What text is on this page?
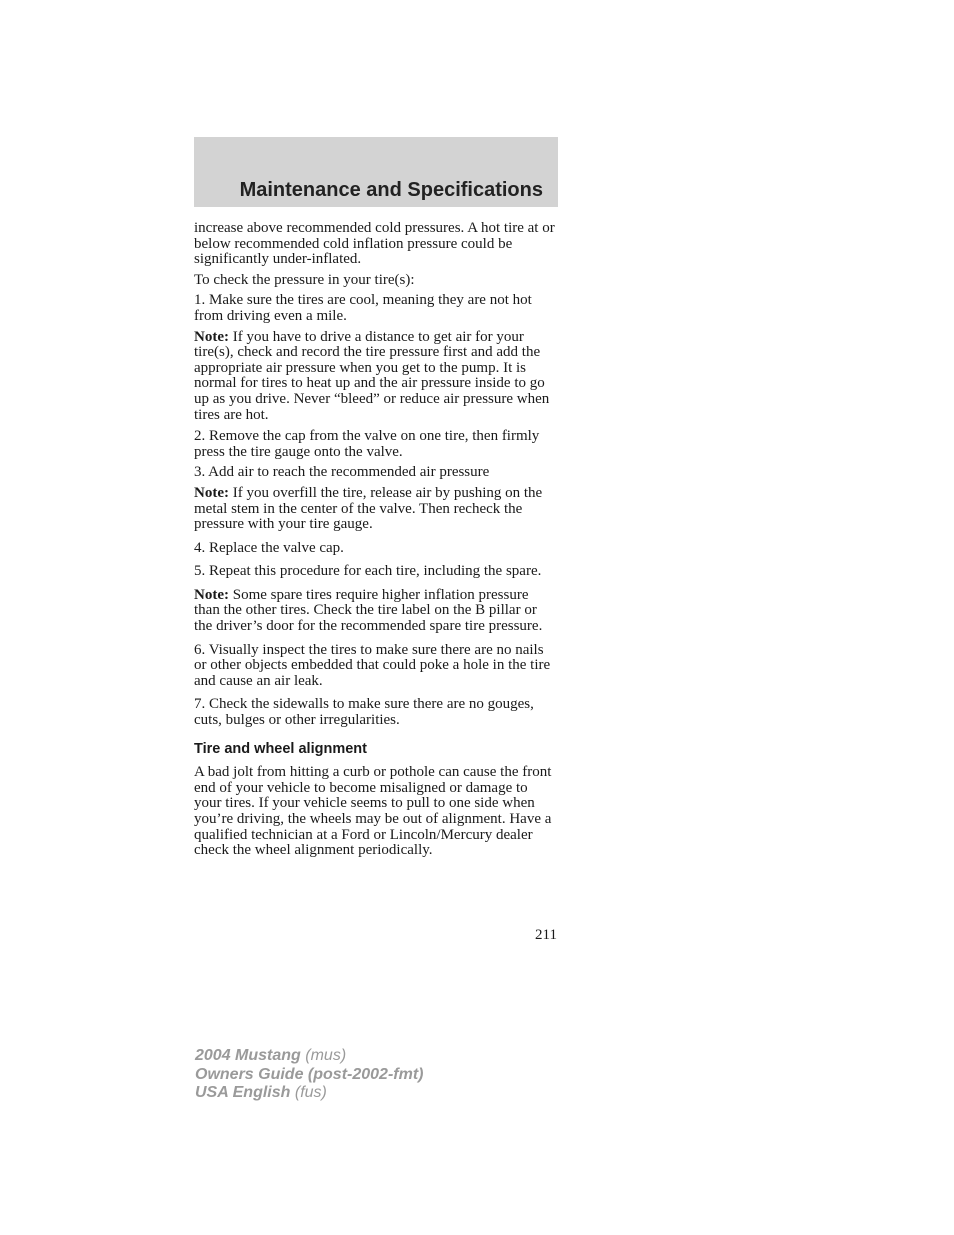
Maintenance and Specifications

increase above recommended cold pressures. A hot tire at or below recommended cold inflation pressure could be significantly under-inflated.

To check the pressure in your tire(s):

1. Make sure the tires are cool, meaning they are not hot from driving even a mile.

Note: If you have to drive a distance to get air for your tire(s), check and record the tire pressure first and add the appropriate air pressure when you get to the pump. It is normal for tires to heat up and the air pressure inside to go up as you drive. Never “bleed” or reduce air pressure when tires are hot.

2. Remove the cap from the valve on one tire, then firmly press the tire gauge onto the valve.

3. Add air to reach the recommended air pressure

Note: If you overfill the tire, release air by pushing on the metal stem in the center of the valve. Then recheck the pressure with your tire gauge.

4. Replace the valve cap.

5. Repeat this procedure for each tire, including the spare.

Note: Some spare tires require higher inflation pressure than the other tires. Check the tire label on the B pillar or the driver’s door for the recommended spare tire pressure.

6. Visually inspect the tires to make sure there are no nails or other objects embedded that could poke a hole in the tire and cause an air leak.

7. Check the sidewalls to make sure there are no gouges, cuts, bulges or other irregularities.

Tire and wheel alignment

A bad jolt from hitting a curb or pothole can cause the front end of your vehicle to become misaligned or damage to your tires. If your vehicle seems to pull to one side when you’re driving, the wheels may be out of alignment. Have a qualified technician at a Ford or Lincoln/Mercury dealer check the wheel alignment periodically.

211
2004 Mustang (mus)
Owners Guide (post-2002-fmt)
USA English (fus)
